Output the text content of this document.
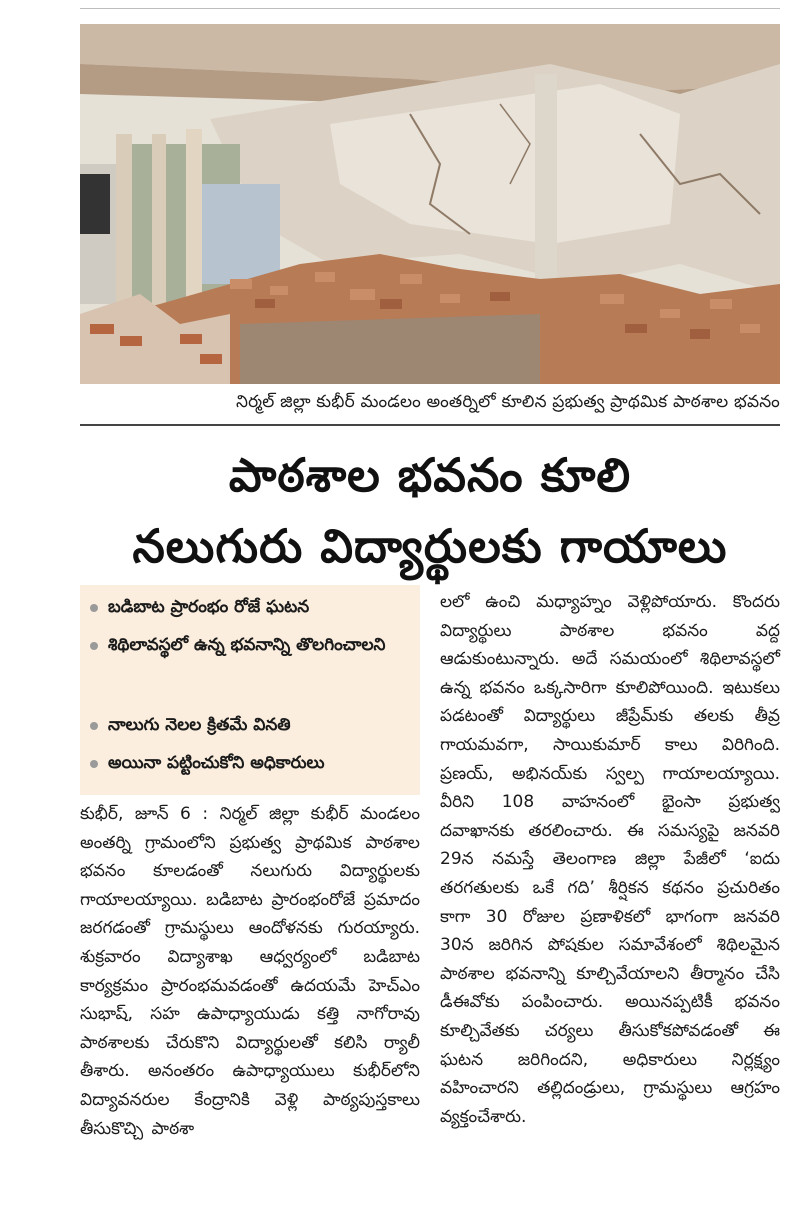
నిర్మల్ జిల్లా కుభీర్ మండలం అంతర్నిలో కూలిన ప్రభుత్వ ప్రాథమిక పాఠశాల భవనం
పాఠశాల భవనం కూలి
నలుగురు విద్యార్థులకు గాయాలు
బడిబాట ప్రారంభం రోజే ఘటన
శిథిలావస్థలో ఉన్న భవనాన్ని తొలగించాలని
నాలుగు నెలల క్రితమే వినతి
అయినా పట్టించుకోని అధికారులు
కుభీర్, జూన్ 6 : నిర్మల్ జిల్లా కుభీర్ మండలం అంతర్ని గ్రామంలోని ప్రభుత్వ ప్రాథమిక పాఠశాల భవనం కూలడంతో నలుగురు విద్యార్థులకు గాయాలయ్యాయి. బడిబాట ప్రారంభంరోజే ప్రమాదం జరగడంతో గ్రామస్థులు ఆందోళనకు గురయ్యారు. శుక్రవారం విద్యాశాఖ ఆధ్వర్యంలో బడిబాట కార్యక్రమం ప్రారంభమవడంతో ఉదయమే హెచ్‌ఎం సుభాష్, సహ ఉపాధ్యాయుడు కత్తి నాగోరావు పాఠశాలకు చేరుకొని విద్యార్థులతో కలిసి ర్యాలీ తీశారు. అనంతరం ఉపాధ్యాయులు కుభీర్‌లోని విద్యావనరుల కేంద్రానికి వెళ్లి పాఠ్యపుస్తకాలు తీసుకొచ్చి పాఠశా
లలో ఉంచి మధ్యాహ్నం వెళ్లిపోయారు. కొందరు విద్యార్థులు పాఠశాల భవనం వద్ద ఆడుకుంటున్నారు. అదే సమయంలో శిథిలావస్థలో ఉన్న భవనం ఒక్కసారిగా కూలిపోయింది. ఇటుకలు పడటంతో విద్యార్థులు జీప్రేమ్‌కు తలకు తీవ్ర గాయమవగా, సాయికుమార్ కాలు విరిగింది. ప్రణయ్, అభినయ్‌కు స్వల్ప గాయాలయ్యాయి. వీరిని 108 వాహనంలో భైంసా ప్రభుత్వ దవాఖానకు తరలించారు. ఈ సమస్యపై జనవరి 29న నమస్తే తెలంగాణ జిల్లా పేజీలో ‘ఐదు తరగతులకు ఒకే గది’ శీర్షికన కథనం ప్రచురితం కాగా 30 రోజుల ప్రణాళికలో భాగంగా జనవరి 30న జరిగిన పోషకుల సమావేశంలో శిథిలమైన పాఠశాల భవనాన్ని కూల్చివేయాలని తీర్మానం చేసి డీఈవోకు పంపించారు. అయినప్పటికీ భవనం కూల్చివేతకు చర్యలు తీసుకోకపోవడంతో ఈ ఘటన జరిగిందని, అధికారులు నిర్లక్ష్యం వహించారని తల్లిదండ్రులు, గ్రామస్థులు ఆగ్రహం వ్యక్తంచేశారు.
